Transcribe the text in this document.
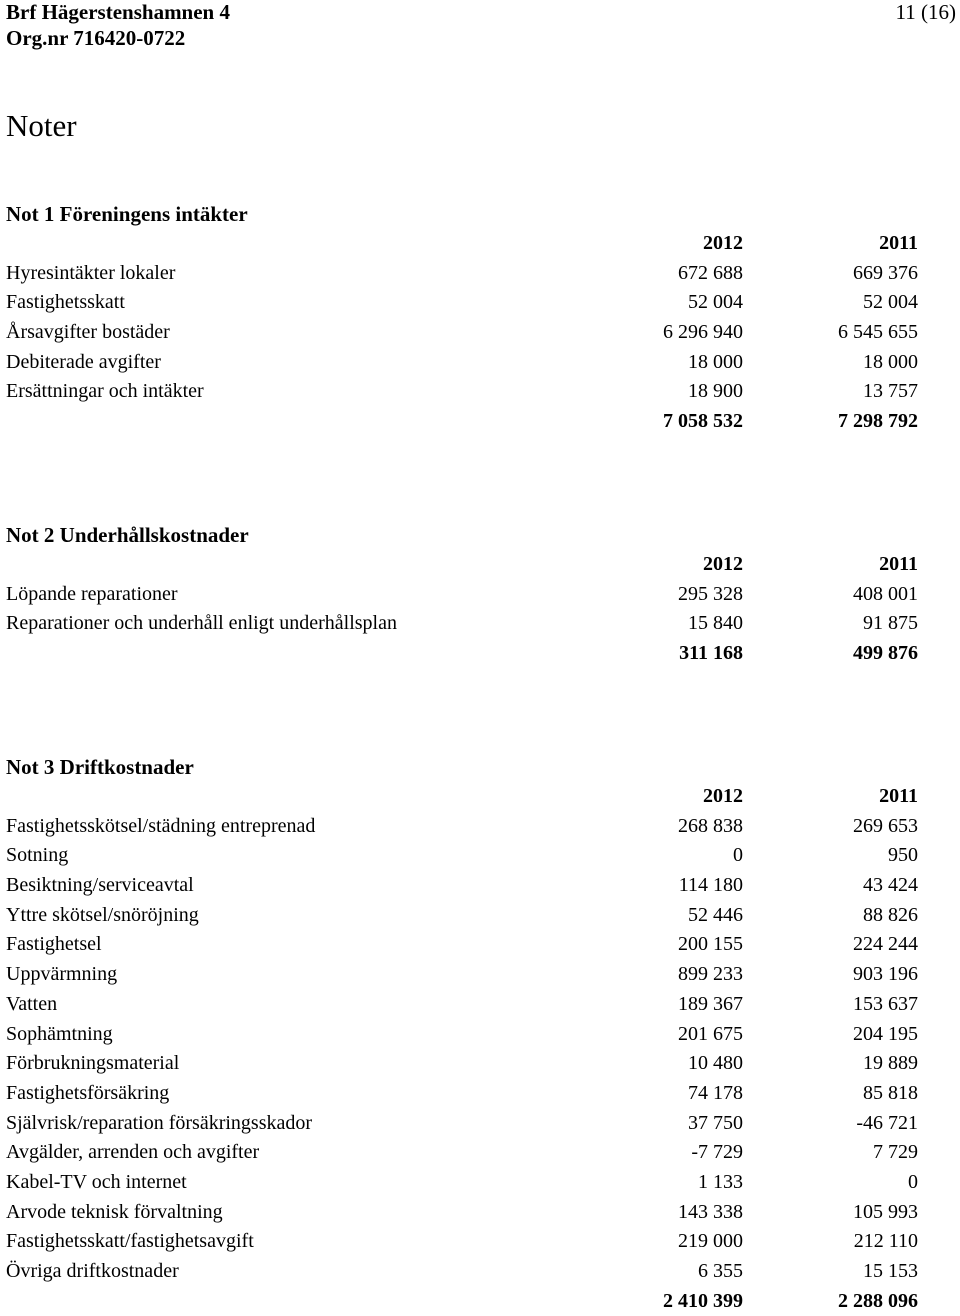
Brf Hägerstenshamnen 4
Org.nr 716420-0722
11 (16)
Noter
Not 1 Föreningens intäkter
2012	2011
Hyresintäkter lokaler	672 688	669 376
Fastighetsskatt	52 004	52 004
Årsavgifter bostäder	6 296 940	6 545 655
Debiterade avgifter	18 000	18 000
Ersättningar och intäkter	18 900	13 757
7 058 532	7 298 792
Not 2 Underhållskostnader
2012	2011
Löpande reparationer	295 328	408 001
Reparationer och underhåll enligt underhållsplan	15 840	91 875
311 168	499 876
Not 3 Driftkostnader
2012	2011
Fastighetsskötsel/städning entreprenad	268 838	269 653
Sotning	0	950
Besiktning/serviceavtal	114 180	43 424
Yttre skötsel/snöröjning	52 446	88 826
Fastighetsel	200 155	224 244
Uppvärmning	899 233	903 196
Vatten	189 367	153 637
Sophämtning	201 675	204 195
Förbrukningsmaterial	10 480	19 889
Fastighetsförsäkring	74 178	85 818
Självrisk/reparation försäkringsskador	37 750	-46 721
Avgälder, arrenden och avgifter	-7 729	7 729
Kabel-TV och internet	1 133	0
Arvode teknisk förvaltning	143 338	105 993
Fastighetsskatt/fastighetsavgift	219 000	212 110
Övriga driftkostnader	6 355	15 153
2 410 399	2 288 096
